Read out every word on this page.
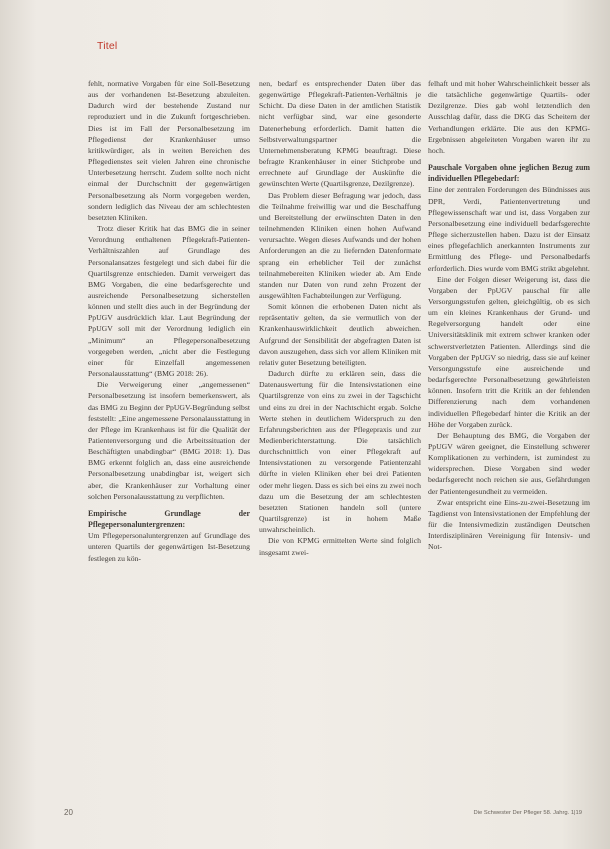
Titel

fehlt, normative Vorgaben für eine Soll-Besetzung aus der vorhandenen Ist-Besetzung abzuleiten. Dadurch wird der bestehende Zustand nur reproduziert und in die Zukunft fortgeschrieben. Dies ist im Fall der Personalbesetzung im Pflegedienst der Krankenhäuser umso kritikwürdiger, als in weiten Bereichen des Pflegedienstes seit vielen Jahren eine chronische Unterbesetzung herrscht. Zudem sollte noch nicht einmal der Durchschnitt der gegenwärtigen Personalbesetzung als Norm vorgegeben werden, sondern lediglich das Niveau der am schlechtesten besetzten Kliniken.

Trotz dieser Kritik hat das BMG die in seiner Verordnung enthaltenen Pflegekraft-Patienten-Verhältniszahlen auf Grundlage des Personalansatzes festgelegt und sich dabei für die Quartilsgrenze entschieden. Damit verweigert das BMG Vorgaben, die eine bedarfsgerechte und ausreichende Personalbesetzung sicherstellen können und stellt dies auch in der Begründung der PpUGV ausdrücklich klar. Laut Begründung der PpUGV soll mit der Verordnung lediglich ein „Minimum“ an Pflegepersonalbesetzung vorgegeben werden, „nicht aber die Festlegung einer für Einzelfall angemessenen Personalausstattung“ (BMG 2018: 26).

Die Verweigerung einer „angemessenen“ Personalbesetzung ist insofern bemerkenswert, als das BMG zu Beginn der PpUGV-Begründung selbst feststellt: „Eine angemessene Personalausstattung in der Pflege im Krankenhaus ist für die Qualität der Patientenversorgung und die Arbeitssituation der Beschäftigten unabdingbar“ (BMG 2018: 1). Das BMG erkennt folglich an, dass eine ausreichende Personalbesetzung unabdingbar ist, weigert sich aber, die Krankenhäuser zur Vorhaltung einer solchen Personalausstattung zu verpflichten.

Empirische Grundlage der Pflegepersonaluntergrenzen:

Um Pflegepersonaluntergrenzen auf Grundlage des unteren Quartils der gegenwärtigen Ist-Besetzung festlegen zu kön-

nen, bedarf es entsprechender Daten über das gegenwärtige Pflegekraft-Patienten-Verhältnis je Schicht. Da diese Daten in der amtlichen Statistik nicht verfügbar sind, war eine gesonderte Datenerhebung erforderlich. Damit hatten die Selbstverwaltungspartner die Unternehmensberatung KPMG beauftragt. Diese befragte Krankenhäuser in einer Stichprobe und errechnete auf Grundlage der Auskünfte die gewünschten Werte (Quartilsgrenze, Dezilgrenze).

Das Problem dieser Befragung war jedoch, dass die Teilnahme freiwillig war und die Beschaffung und Bereitstellung der erwünschten Daten in den teilnehmenden Kliniken einen hohen Aufwand verursachte. Wegen dieses Aufwands und der hohen Anforderungen an die zu liefernden Datenformate sprang ein erheblicher Teil der zunächst teilnahmebereiten Kliniken wieder ab. Am Ende standen nur Daten von rund zehn Prozent der ausgewählten Fachabteilungen zur Verfügung.

Somit können die erhobenen Daten nicht als repräsentativ gelten, da sie vermutlich von der Krankenhauswirklichkeit deutlich abweichen. Aufgrund der Sensibilität der abgefragten Daten ist davon auszugehen, dass sich vor allem Kliniken mit relativ guter Besetzung beteiligten.

Dadurch dürfte zu erklären sein, dass die Datenauswertung für die Intensivstationen eine Quartilsgrenze von eins zu zwei in der Tagschicht und eins zu drei in der Nachtschicht ergab. Solche Werte stehen in deutlichem Widerspruch zu den Erfahrungsberichten aus der Pflegepraxis und zur Medienberichterstattung. Die tatsächlich durchschnittlich von einer Pflegekraft auf Intensivstationen zu versorgende Patientenzahl dürfte in vielen Kliniken eher bei drei Patienten oder mehr liegen. Dass es sich bei eins zu zwei noch dazu um die Besetzung der am schlechtesten besetzten Stationen handeln soll (untere Quartilsgrenze) ist in hohem Maße unwahrscheinlich.

Die von KPMG ermittelten Werte sind folglich insgesamt zwei-

felhaft und mit hoher Wahrscheinlichkeit besser als die tatsächliche gegenwärtige Quartils- oder Dezilgrenze. Dies gab wohl letztendlich den Ausschlag dafür, dass die DKG das Scheitern der Verhandlungen erklärte. Die aus den KPMG-Ergebnissen abgeleiteten Vorgaben waren ihr zu hoch.

Pauschale Vorgaben ohne jeglichen Bezug zum individuellen Pflegebedarf:

Eine der zentralen Forderungen des Bündnisses aus DPR, Verdi, Patientenvertretung und Pflegewissenschaft war und ist, dass Vorgaben zur Personalbesetzung eine individuell bedarfsgerechte Pflege sicherzustellen haben. Dazu ist der Einsatz eines pflegefachlich anerkannten Instruments zur Ermittlung des Pflege- und Personalbedarfs erforderlich. Dies wurde vom BMG strikt abgelehnt.

Eine der Folgen dieser Weigerung ist, dass die Vorgaben der PpUGV pauschal für alle Versorgungsstufen gelten, gleichgültig, ob es sich um ein kleines Krankenhaus der Grund- und Regelversorgung handelt oder eine Universitätsklinik mit extrem schwer kranken oder schwerstverletzten Patienten. Allerdings sind die Vorgaben der PpUGV so niedrig, dass sie auf keiner Versorgungsstufe eine ausreichende und bedarfsgerechte Personalbesetzung gewährleisten können. Insofern tritt die Kritik an der fehlenden Differenzierung nach dem vorhandenen individuellen Pflegebedarf hinter die Kritik an der Höhe der Vorgaben zurück.

Der Behauptung des BMG, die Vorgaben der PpUGV wären geeignet, die Einstellung schwerer Komplikationen zu verhindern, ist zumindest zu widersprechen. Diese Vorgaben sind weder bedarfsgerecht noch reichen sie aus, Gefährdungen der Patientengesundheit zu vermeiden.

Zwar entspricht eine Eins-zu-zwei-Besetzung im Tagdienst von Intensivstationen der Empfehlung der für die Intensivmedizin zuständigen Deutschen Interdisziplinären Vereinigung für Intensiv- und Not-

20	Die Schwester Der Pfleger 58. Jahrg. 1|19
